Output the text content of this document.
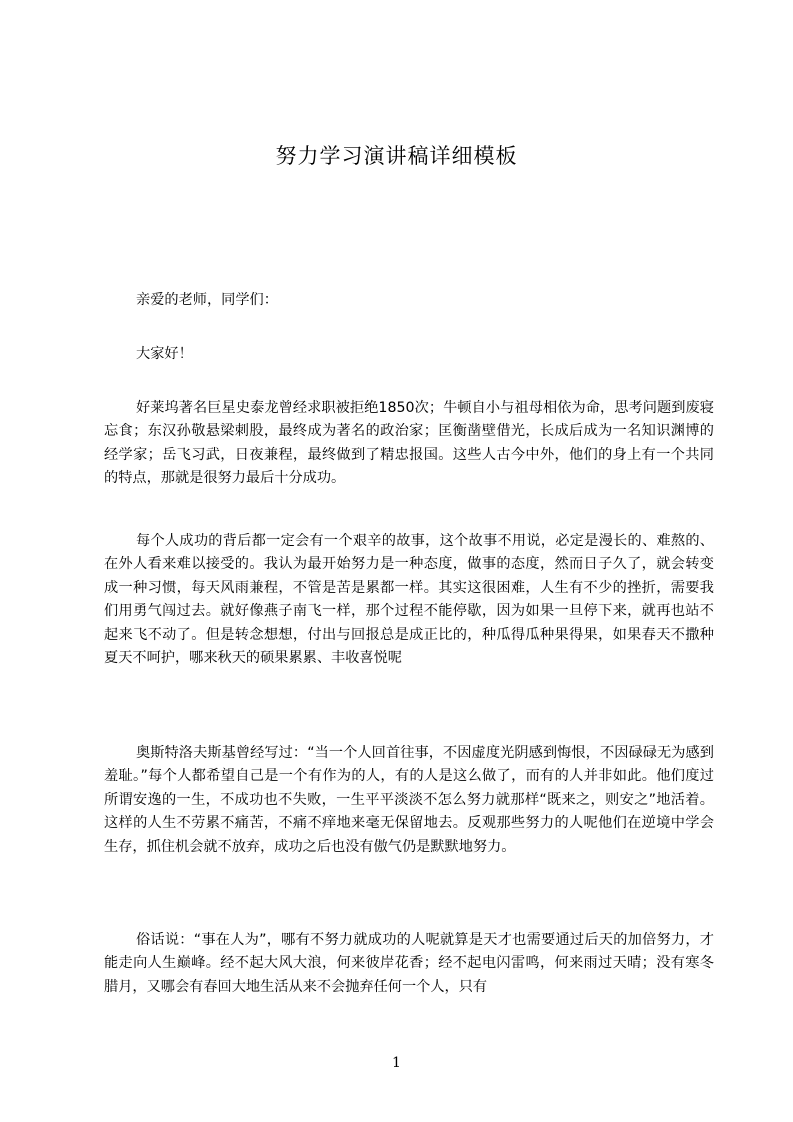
努力学习演讲稿详细模板

亲爱的老师，同学们：

大家好！

好莱坞著名巨星史泰龙曾经求职被拒绝1850次；牛顿自小与祖母相依为命，思考问题到废寝忘食；东汉孙敬悬梁刺股，最终成为著名的政治家；匡衡凿壁借光，长成后成为一名知识渊博的经学家；岳飞习武，日夜兼程，最终做到了精忠报国。这些人古今中外，他们的身上有一个共同的特点，那就是很努力最后十分成功。

每个人成功的背后都一定会有一个艰辛的故事，这个故事不用说，必定是漫长的、难熬的、在外人看来难以接受的。我认为最开始努力是一种态度，做事的态度，然而日子久了，就会转变成一种习惯，每天风雨兼程，不管是苦是累都一样。其实这很困难，人生有不少的挫折，需要我们用勇气闯过去。就好像燕子南飞一样，那个过程不能停歇，因为如果一旦停下来，就再也站不起来飞不动了。但是转念想想，付出与回报总是成正比的，种瓜得瓜种果得果，如果春天不撒种夏天不呵护，哪来秋天的硕果累累、丰收喜悦呢

奥斯特洛夫斯基曾经写过：“当一个人回首往事，不因虚度光阴感到悔恨，不因碌碌无为感到羞耻。”每个人都希望自己是一个有作为的人，有的人是这么做了，而有的人并非如此。他们度过所谓安逸的一生，不成功也不失败，一生平平淡淡不怎么努力就那样“既来之，则安之”地活着。这样的人生不劳累不痛苦，不痛不痒地来毫无保留地去。反观那些努力的人呢他们在逆境中学会生存，抓住机会就不放弃，成功之后也没有傲气仍是默默地努力。

俗话说：“事在人为”，哪有不努力就成功的人呢就算是天才也需要通过后天的加倍努力，才能走向人生巅峰。经不起大风大浪，何来彼岸花香；经不起电闪雷鸣，何来雨过天晴；没有寒冬腊月，又哪会有春回大地生活从来不会抛弃任何一个人，只有

1
